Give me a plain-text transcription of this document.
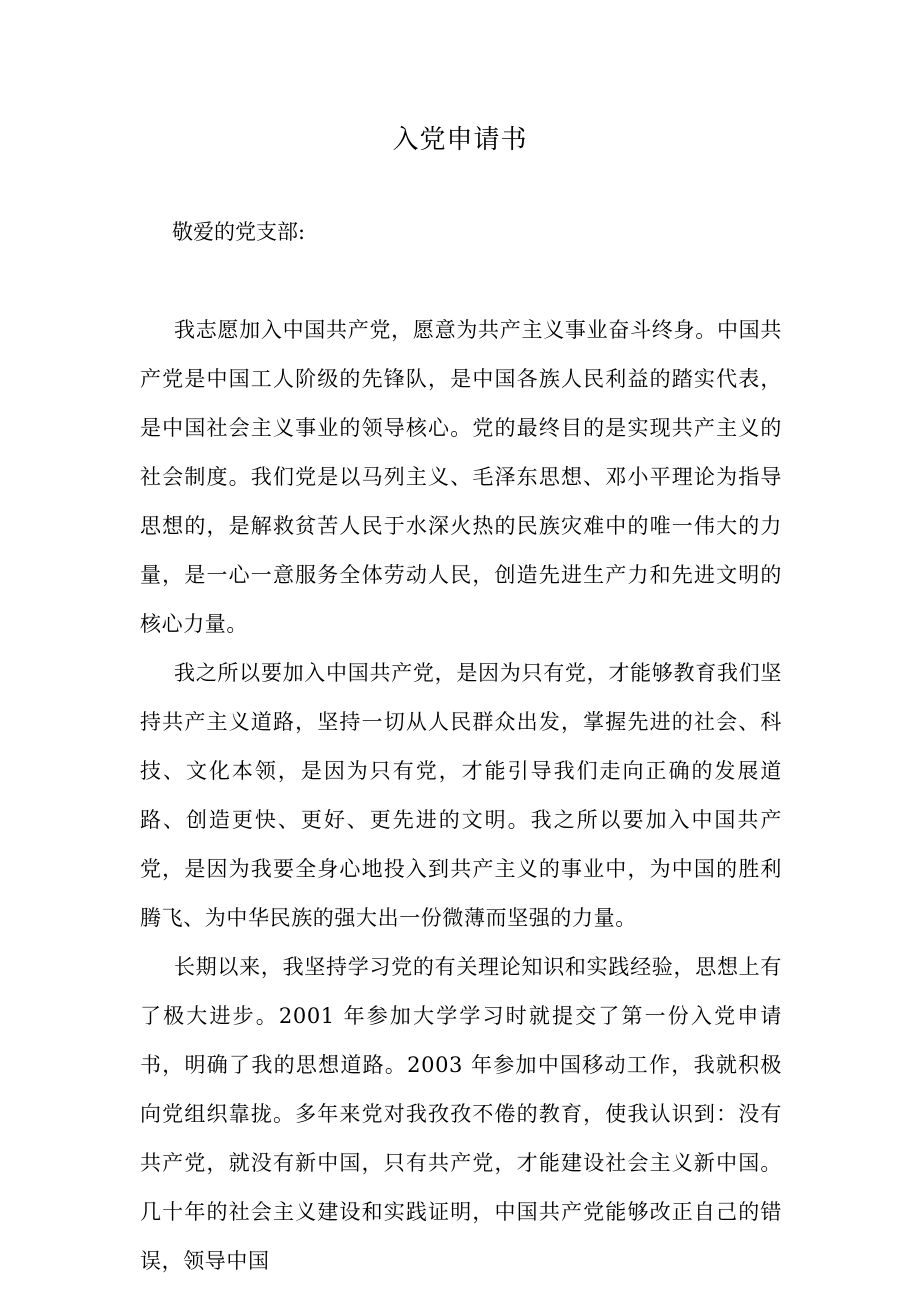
入党申请书
敬爱的党支部:

我志愿加入中国共产党，愿意为共产主义事业奋斗终身。中国共产党是中国工人阶级的先锋队，是中国各族人民利益的踏实代表，是中国社会主义事业的领导核心。党的最终目的是实现共产主义的社会制度。我们党是以马列主义、毛泽东思想、邓小平理论为指导思想的，是解救贫苦人民于水深火热的民族灾难中的唯一伟大的力量，是一心一意服务全体劳动人民，创造先进生产力和先进文明的核心力量。

我之所以要加入中国共产党，是因为只有党，才能够教育我们坚持共产主义道路，坚持一切从人民群众出发，掌握先进的社会、科技、文化本领，是因为只有党，才能引导我们走向正确的发展道路、创造更快、更好、更先进的文明。我之所以要加入中国共产党，是因为我要全身心地投入到共产主义的事业中，为中国的胜利腾飞、为中华民族的强大出一份微薄而坚强的力量。

长期以来，我坚持学习党的有关理论知识和实践经验，思想上有了极大进步。2001 年参加大学学习时就提交了第一份入党申请书，明确了我的思想道路。2003 年参加中国移动工作，我就积极向党组织靠拢。多年来党对我孜孜不倦的教育，使我认识到：没有共产党，就没有新中国，只有共产党，才能建设社会主义新中国。几十年的社会主义建设和实践证明，中国共产党能够改正自己的错误，领导中国
